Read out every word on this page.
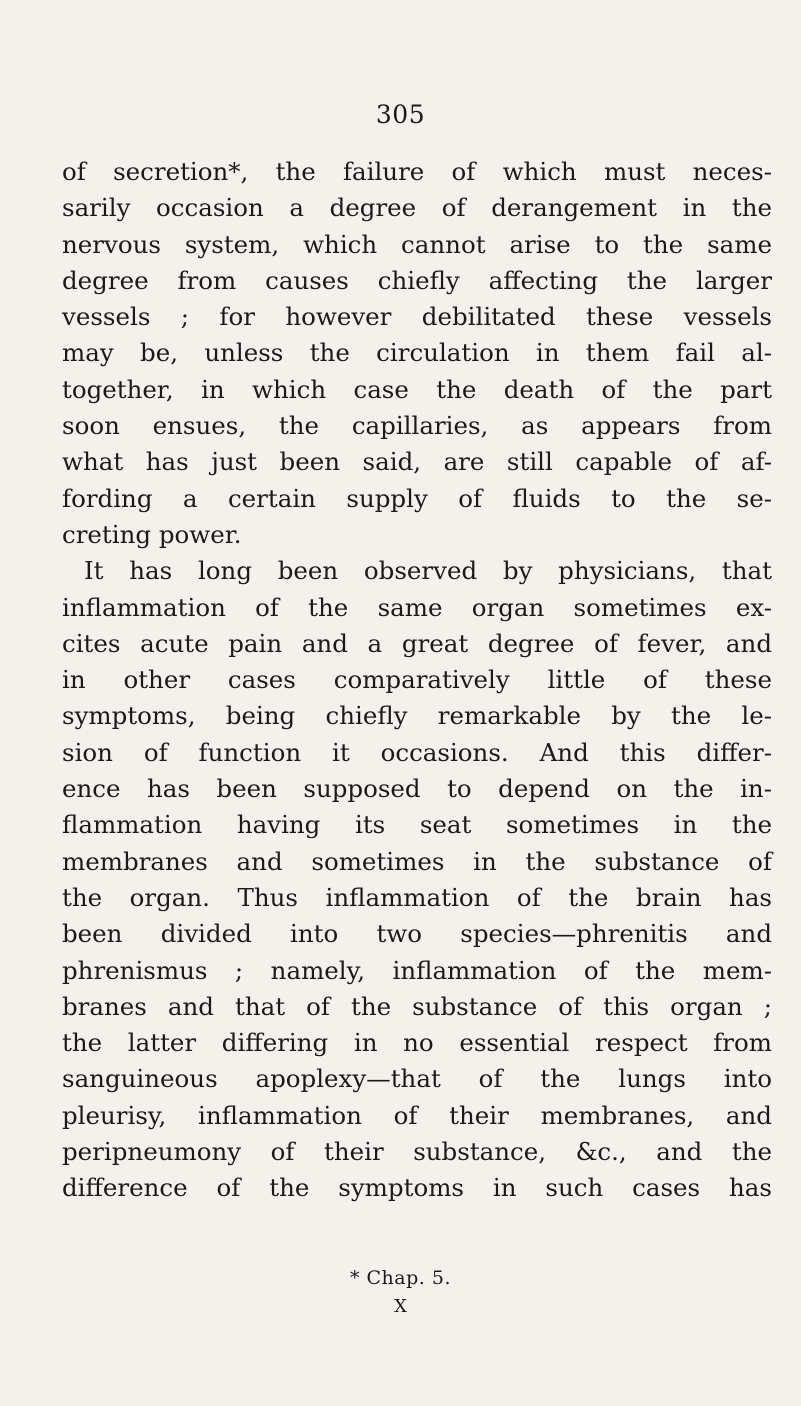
305
of secretion*, the failure of which must neces-
sarily occasion a degree of derangement in the
nervous system, which cannot arise to the same
degree from causes chiefly affecting the larger
vessels ; for however debilitated these vessels
may be, unless the circulation in them fail al-
together, in which case the death of the part
soon ensues, the capillaries, as appears from
what has just been said, are still capable of af-
fording a certain supply of fluids to the se-
creting power.
It has long been observed by physicians, that
inflammation of the same organ sometimes ex-
cites acute pain and a great degree of fever, and
in other cases comparatively little of these
symptoms, being chiefly remarkable by the le-
sion of function it occasions. And this differ-
ence has been supposed to depend on the in-
flammation having its seat sometimes in the
membranes and sometimes in the substance of
the organ. Thus inflammation of the brain has
been divided into two species—phrenitis and
phrenismus ; namely, inflammation of the mem-
branes and that of the substance of this organ ;
the latter differing in no essential respect from
sanguineous apoplexy—that of the lungs into
pleurisy, inflammation of their membranes, and
peripneumony of their substance, &c., and the
difference of the symptoms in such cases has
* Chap. 5.
X
